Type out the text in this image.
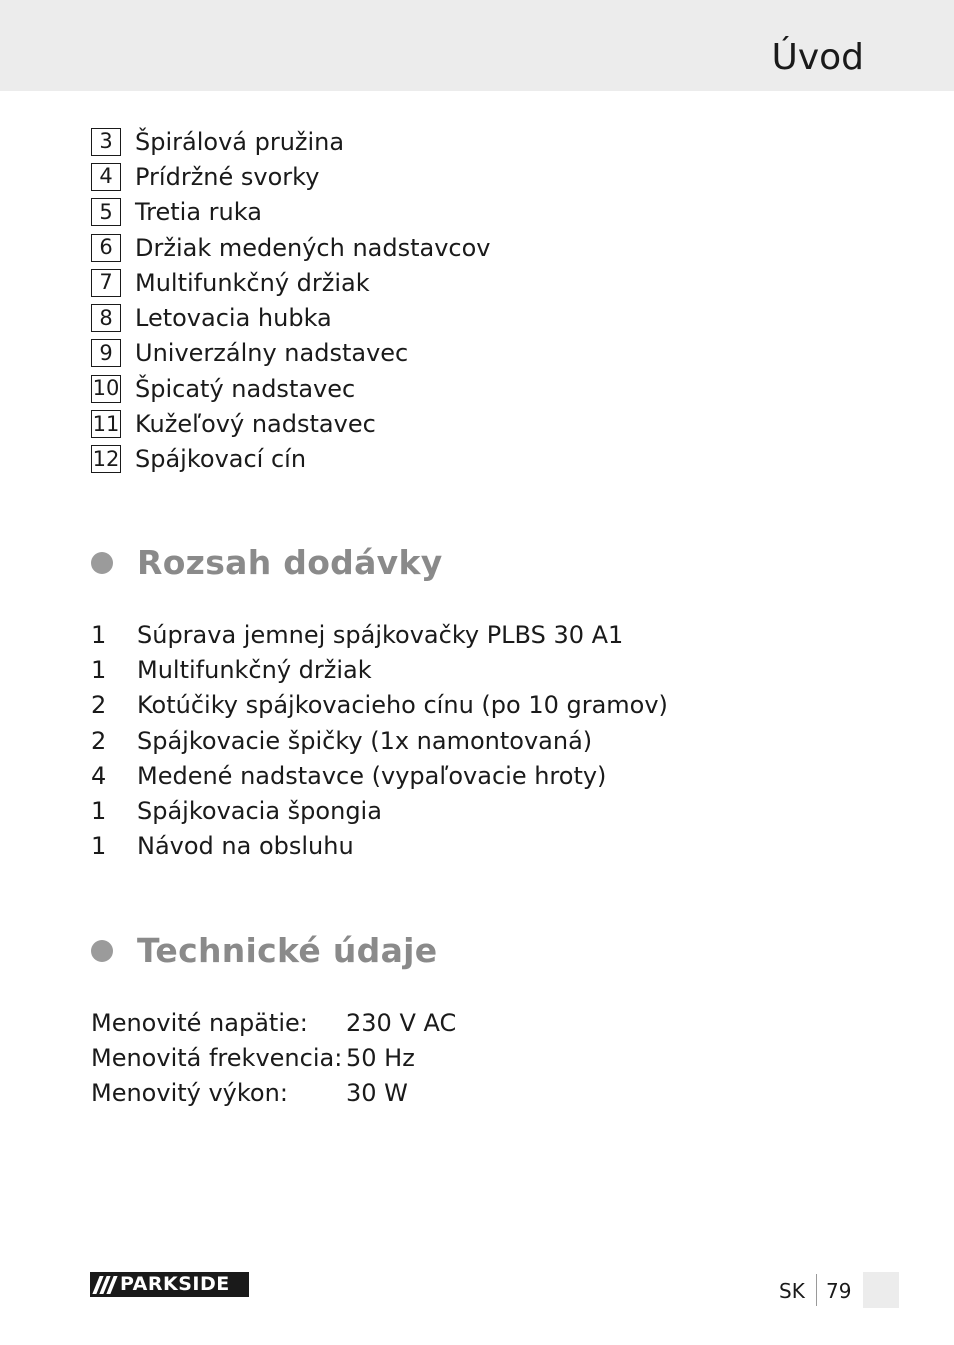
Úvod
3 Špirálová pružina
4 Prídržné svorky
5 Tretia ruka
6 Držiak medených nadstavcov
7 Multifunkčný držiak
8 Letovacia hubka
9 Univerzálny nadstavec
10 Špicatý nadstavec
11 Kužeľový nadstavec
12 Spájkovací cín
Rozsah dodávky
1	Súprava jemnej spájkovačky PLBS 30 A1
1	Multifunkčný držiak
2	Kotúčiky spájkovacieho cínu (po 10 gramov)
2	Spájkovacie špičky (1x namontovaná)
4	Medené nadstavce (vypaľovacie hroty)
1	Spájkovacia špongia
1	Návod na obsluhu
Technické údaje
Menovité napätie:	230 V AC
Menovitá frekvencia: 50 Hz
Menovitý výkon:	30 W
PARKSIDE	SK 79
